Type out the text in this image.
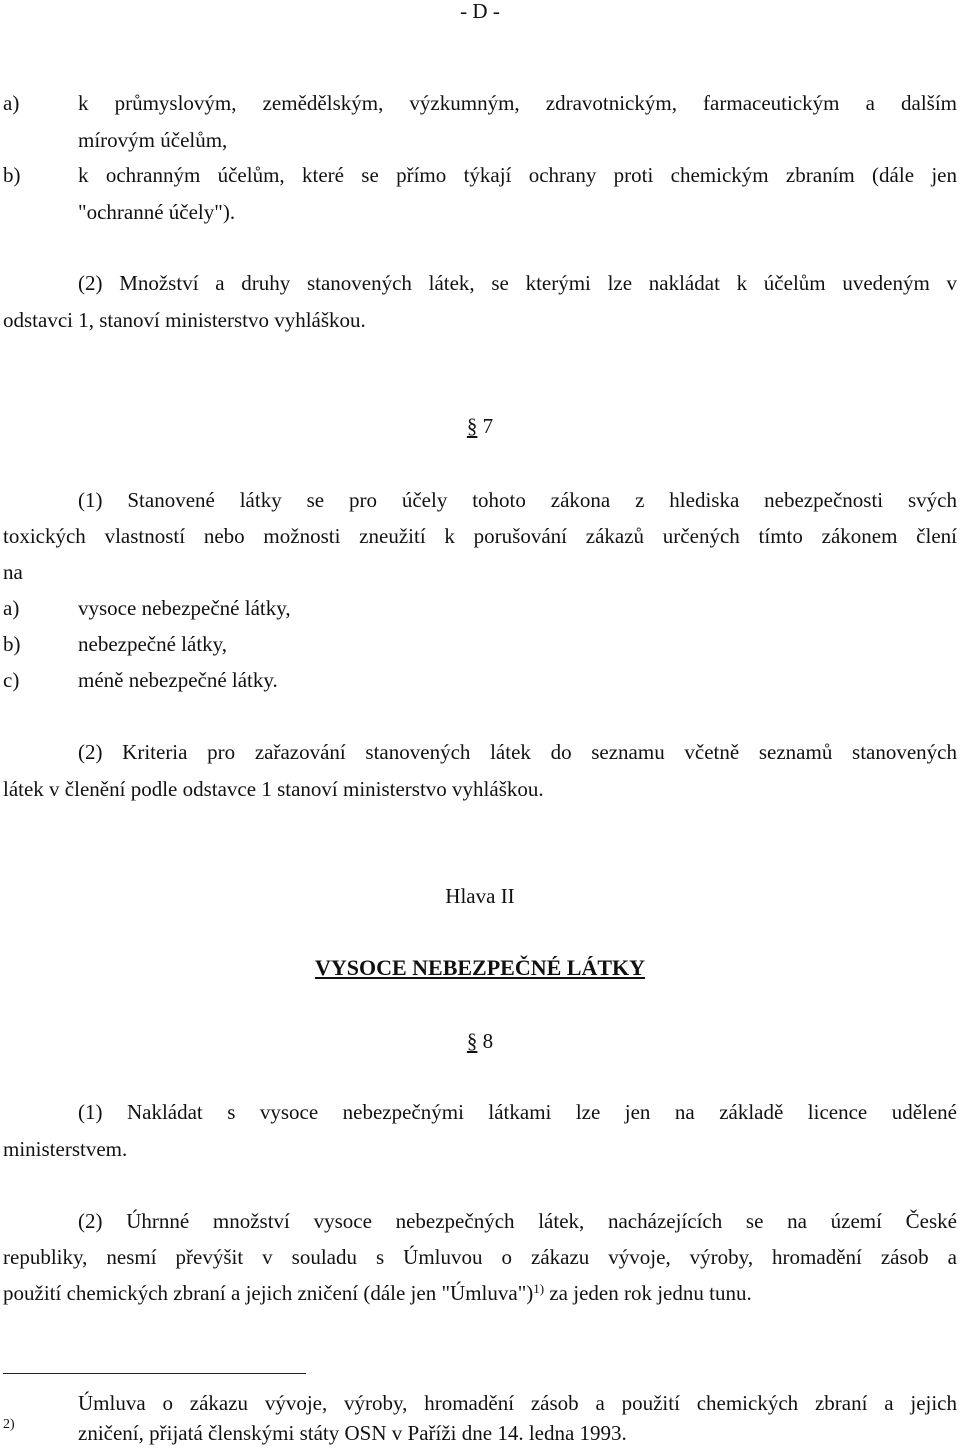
- D -
a)	k průmyslovým, zemědělským, výzkumným, zdravotnickým, farmaceutickým a dalším
mírovým účelům,
b)	k ochranným účelům, které se přímo týkají ochrany proti chemickým zbraním (dále jen
"ochranné účely").
(2) Množství a druhy stanovených látek, se kterými lze nakládat k účelům uvedeným v
odstavci 1, stanoví ministerstvo vyhláškou.
§ 7
(1) Stanovené látky se pro účely tohoto zákona z hlediska nebezpečnosti svých
toxických vlastností nebo možnosti zneužití k porušování zákazů určených tímto zákonem člení
na
a)	vysoce nebezpečné látky,
b)	nebezpečné látky,
c)	méně nebezpečné látky.
(2) Kriteria pro zařazování stanovených látek do seznamu včetně seznamů stanovených
látek v členění podle odstavce 1 stanoví ministerstvo vyhláškou.
Hlava II
VYSOCE NEBEZPEČNÉ LÁTKY
§ 8
(1) Nakládat s vysoce nebezpečnými látkami lze jen na základě licence udělené
ministerstvem.
(2) Úhrnné množství vysoce nebezpečných látek, nacházejících se na území České
republiky, nesmí převýšit v souladu s Úmluvou o zákazu vývoje, výroby, hromadění zásob a
použití chemických zbraní a jejich zničení (dále jen "Úmluva")$^{1)}$ za jeden rok jednu tunu.
2)
Úmluva o zákazu vývoje, výroby, hromadění zásob a použití chemických zbraní a jejich
zničení, přijatá členskými státy OSN v Paříži dne 14. ledna 1993.
